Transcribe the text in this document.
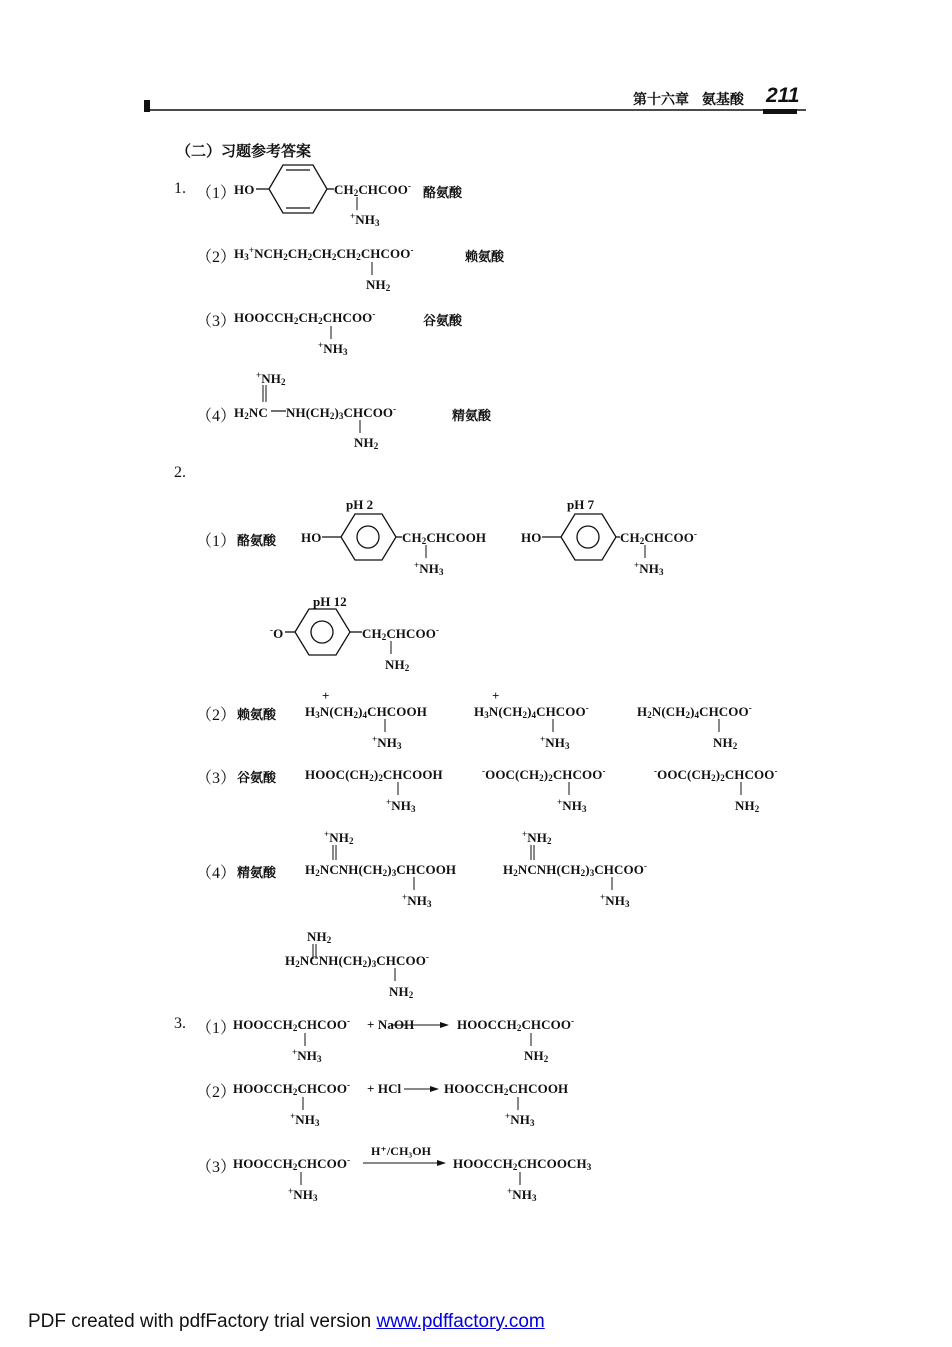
第十六章 氨基酸 211
（二）习题参考答案
1. （1）
HO	$CH_2CHCOO^-$
$^+NH_3$
酪氨酸
（2）
$H_3^+NCH_2CH_2CH_2CH_2CHCOO^-$
$NH_2$
赖氨酸
（3）
$HOOCCH_2CH_2CHCOO^-$
$^+NH_3$
谷氨酸
$^+NH_2$
（4）
$H_2NC$ $NH(CH_2)_3CHCOO^-$
$NH_2$
精氨酸
2.
pH 2	pH 7
（1） 酪氨酸 HO	$CH_2CHCOOH$
$^+NH_3$
HO	$CH_2CHCOO^-$
$^+NH_3$
pH 12
-O	$CH_2CHCOO^-$
$NH_2$
+	+
（2） 赖氨酸 $H_3N(CH_2)_4CHCOOH$
$^+NH_3$
$H_3N(CH_2)_4CHCOO^-$
$^+NH_3$
$H_2N(CH_2)_4CHCOO^-$
$NH_2$
（3） 谷氨酸 $HOOC(CH_2)_2CHCOOH$
$^+NH_3$
$^-OOC(CH_2)_2CHCOO^-$
$^+NH_3$
$^-OOC(CH_2)_2CHCOO^-$
$NH_2$
$^+NH_2$
$^+NH_2$
（4） 精氨酸 $H_2NCNH(CH_2)_3CHCOOH$
$^+NH_3$
$H_2NCNH(CH_2)_3CHCOO^-$
$^+NH_3$
$NH_2$
$H_2NCNH(CH_2)_3CHCOO^-$
$NH_2$
3. （1）
$HOOCCH_2CHCOO^-$
$^+NH_3$
+ NaOH	$HOOCCH_2CHCOO^-$
$NH_2$
（2）
$HOOCCH_2CHCOO^-$
$^+NH_3$
+ HCl	$HOOCCH_2CHCOOH$
$^+NH_3$
（3）
$HOOCCH_2CHCOO^-$
$^+NH_3$
H⁺/CH₃OH
$HOOCCH_2CHCOOCH_3$
$^+NH_3$
PDF created with pdfFactory trial version www.pdffactory.com
